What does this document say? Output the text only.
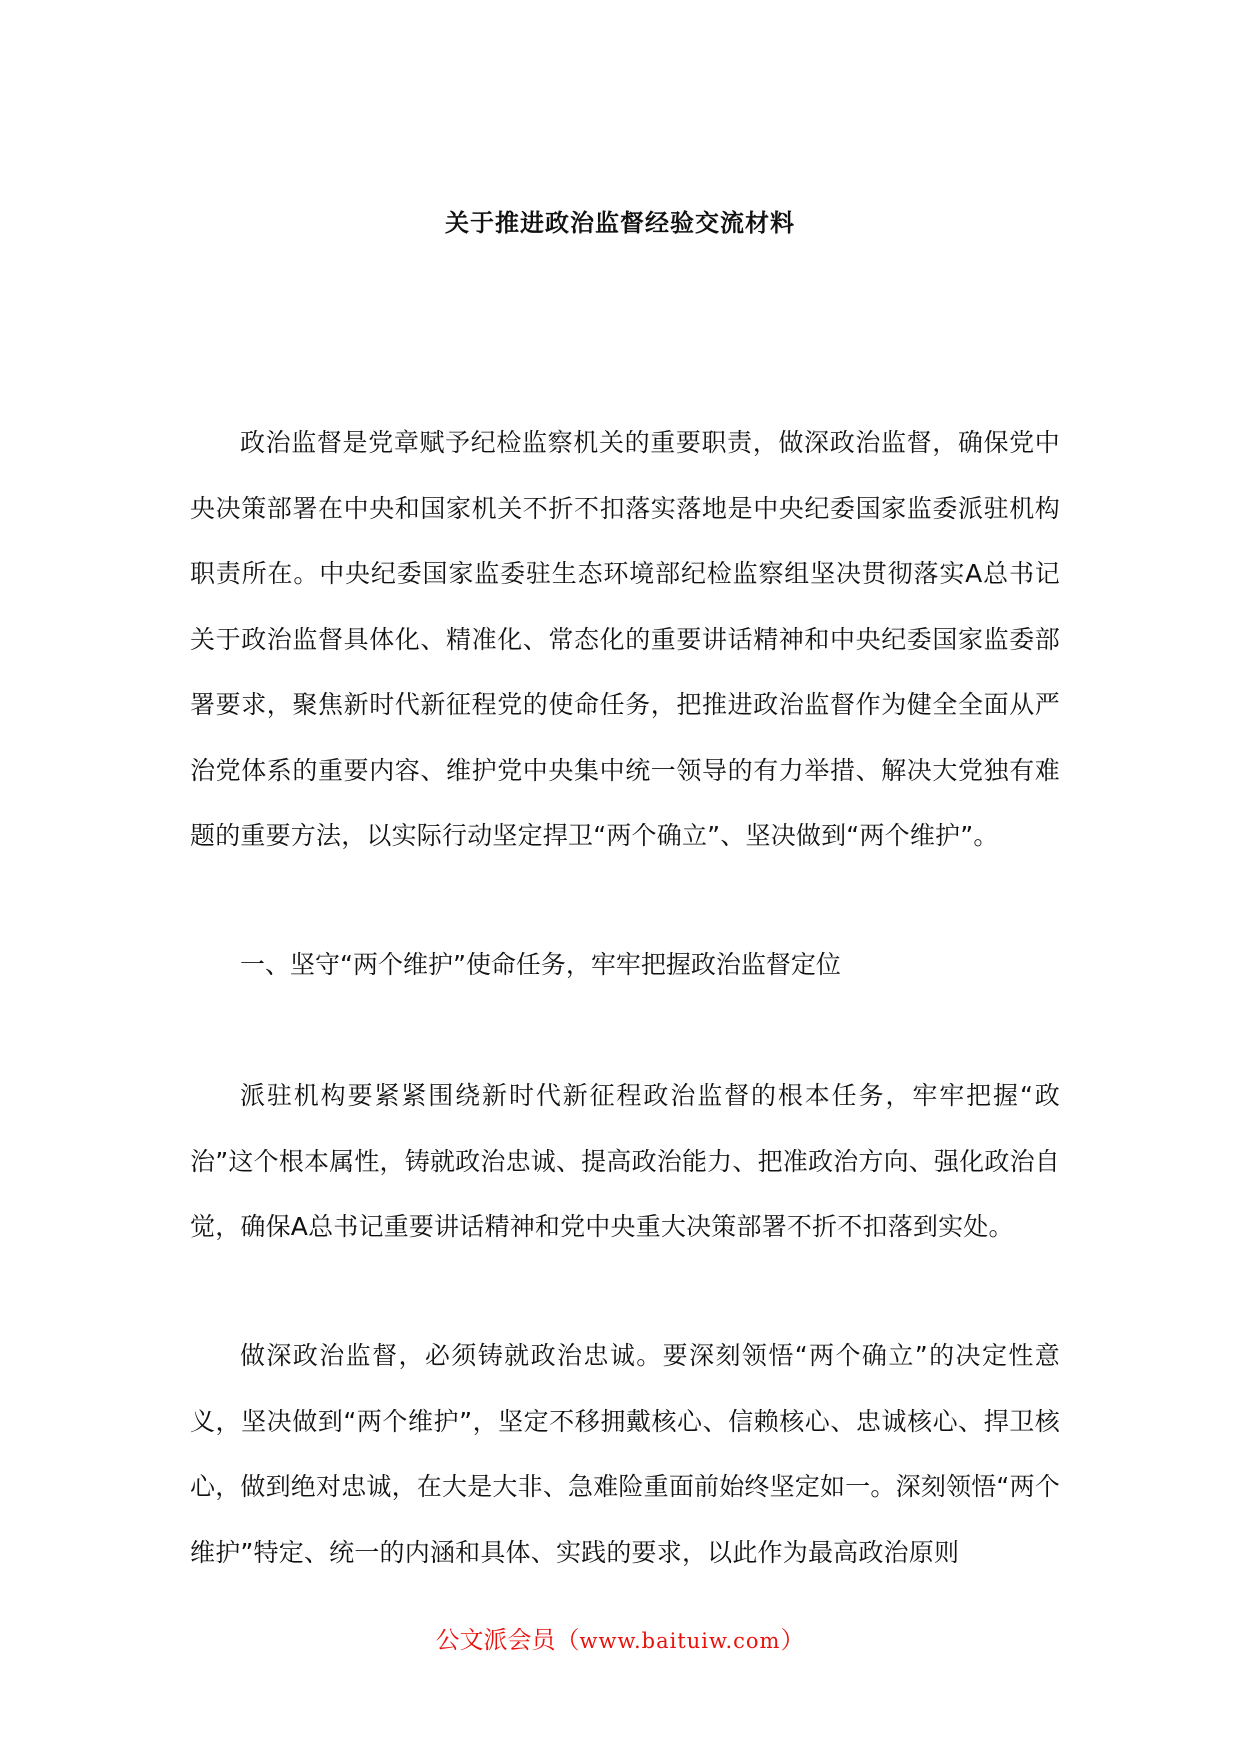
关于推进政治监督经验交流材料

政治监督是党章赋予纪检监察机关的重要职责，做深政治监督，确保党中央决策部署在中央和国家机关不折不扣落实落地是中央纪委国家监委派驻机构职责所在。中央纪委国家监委驻生态环境部纪检监察组坚决贯彻落实A总书记关于政治监督具体化、精准化、常态化的重要讲话精神和中央纪委国家监委部署要求，聚焦新时代新征程党的使命任务，把推进政治监督作为健全全面从严治党体系的重要内容、维护党中央集中统一领导的有力举措、解决大党独有难题的重要方法，以实际行动坚定捍卫“两个确立”、坚决做到“两个维护”。

一、坚守“两个维护”使命任务，牢牢把握政治监督定位

派驻机构要紧紧围绕新时代新征程政治监督的根本任务，牢牢把握“政治”这个根本属性，铸就政治忠诚、提高政治能力、把准政治方向、强化政治自觉，确保A总书记重要讲话精神和党中央重大决策部署不折不扣落到实处。

做深政治监督，必须铸就政治忠诚。要深刻领悟“两个确立”的决定性意义，坚决做到“两个维护”，坚定不移拥戴核心、信赖核心、忠诚核心、捍卫核心，做到绝对忠诚，在大是大非、急难险重面前始终坚定如一。深刻领悟“两个维护”特定、统一的内涵和具体、实践的要求，以此作为最高政治原则

公文派会员（www.baituiw.com）
